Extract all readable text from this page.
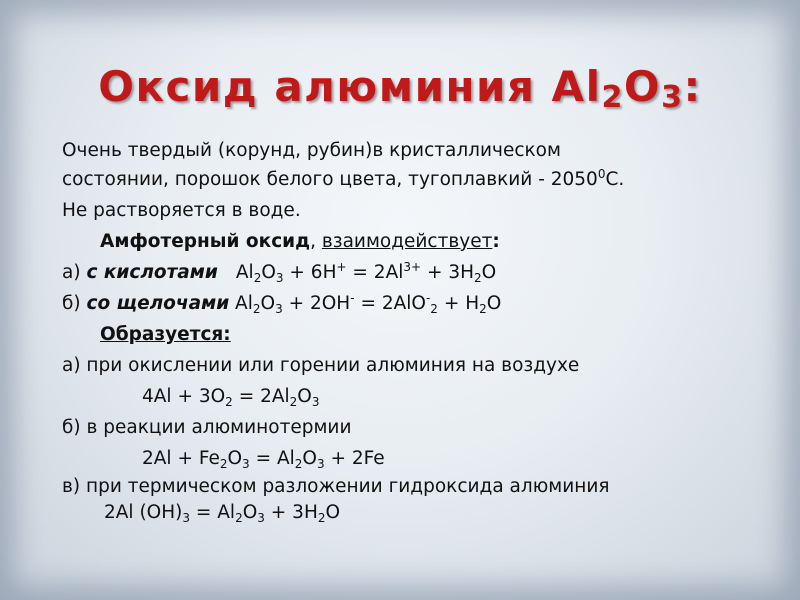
Оксид алюминия $Al_2O_3$:
Очень твердый (корунд, рубин)в кристаллическом
состоянии, порошок белого цвета, тугоплавкий - 2050$^0$С.
Не растворяется в воде.
Амфотерный оксид, взаимодействует:
а) с кислотами $Al_2O_3 + 6H^+ = 2Al^{3+} + 3H_2O$
б) со щелочами $Al_2O_3 + 2OH^- = 2AlO^-_2 + H_2O$
Образуется:
а) при окислении или горении алюминия на воздухе
$4Al + 3O_2 = 2Al_2O_3$
б) в реакции алюминотермии
$2Al + Fe_2O_3 = Al_2O_3 + 2Fe$
в) при термическом разложении гидроксида алюминия
2Al $(OH)_3 = Al_2O_3 + 3H_2O$
